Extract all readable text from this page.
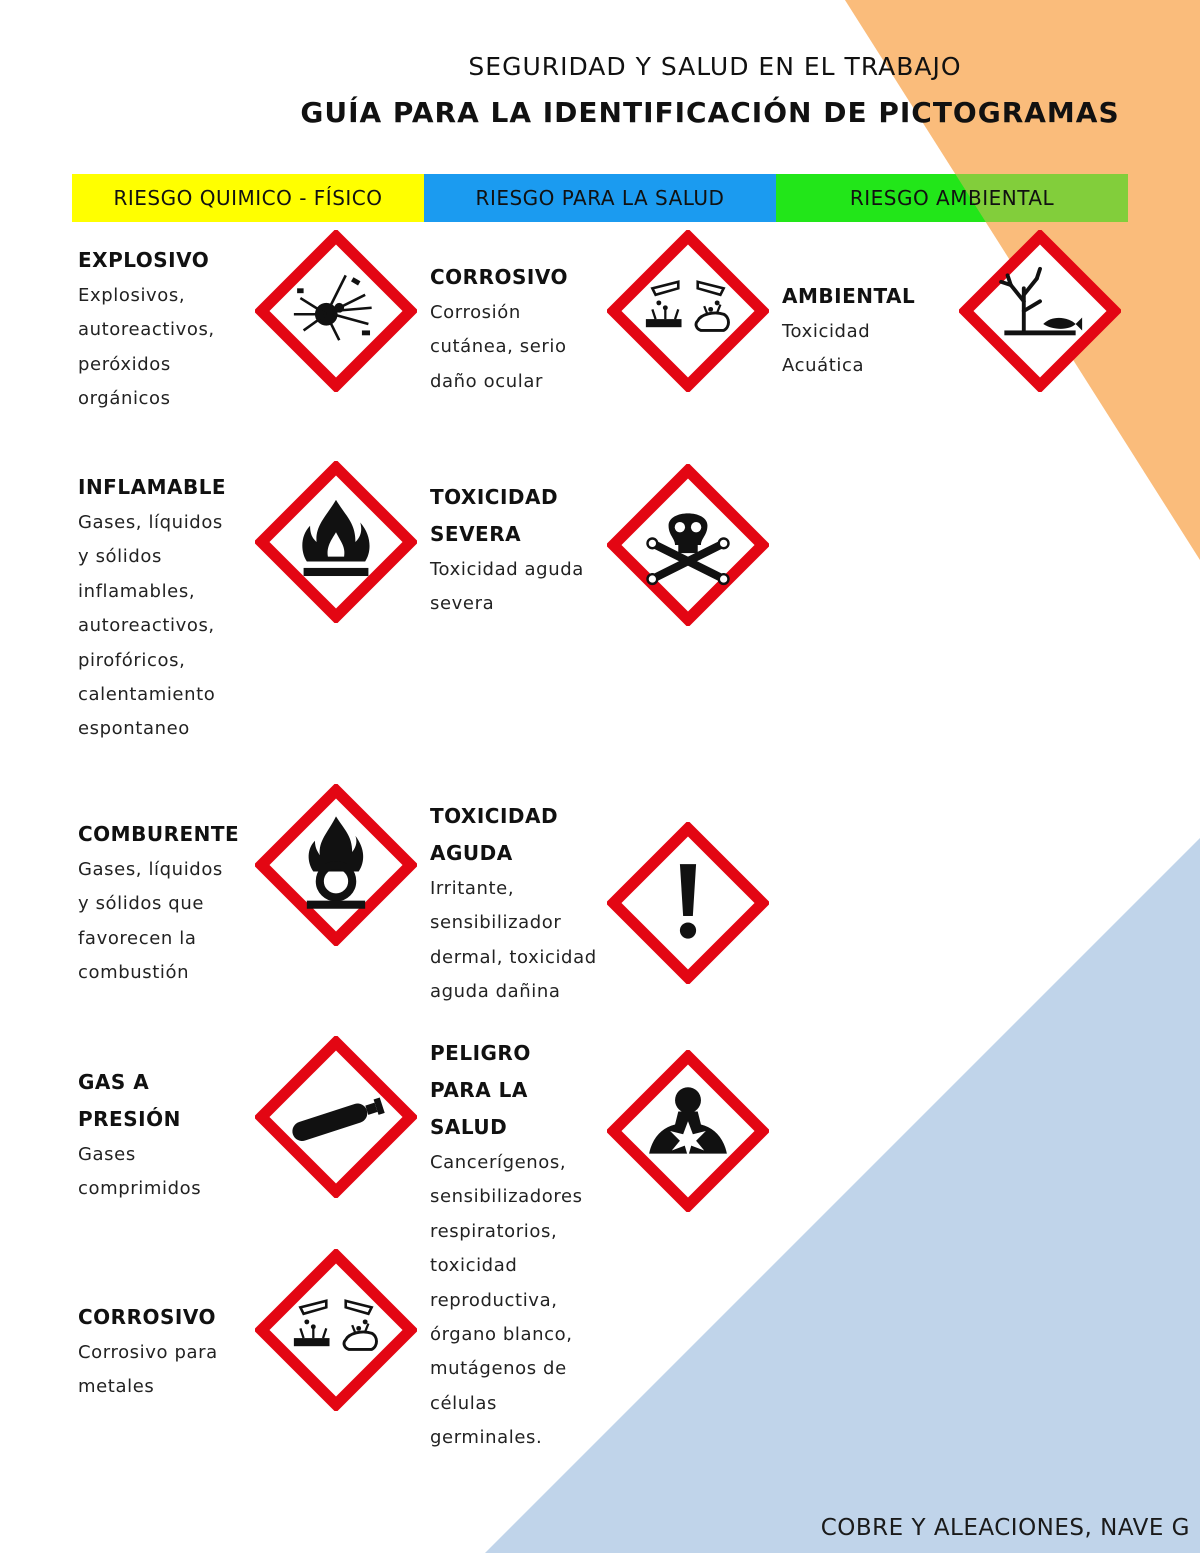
SEGURIDAD Y SALUD EN EL TRABAJO
GUÍA PARA LA IDENTIFICACIÓN DE PICTOGRAMAS
RIESGO QUIMICO - FÍSICO	RIESGO PARA LA SALUD	RIESGO AMBIENTAL
EXPLOSIVO
Explosivos,
autoreactivos,
peróxidos
orgánicos
INFLAMABLE
Gases, líquidos
y sólidos
inflamables,
autoreactivos,
pirofóricos,
calentamiento
espontaneo
COMBURENTE
Gases, líquidos
y sólidos que
favorecen la
combustión
GAS A
PRESIÓN
Gases
comprimidos
CORROSIVO
Corrosivo para
metales
CORROSIVO
Corrosión
cutánea, serio
daño ocular
TOXICIDAD
SEVERA
Toxicidad aguda
severa
TOXICIDAD
AGUDA
Irritante,
sensibilizador
dermal, toxicidad
aguda dañina
PELIGRO
PARA LA
SALUD
Cancerígenos,
sensibilizadores
respiratorios,
toxicidad
reproductiva,
órgano blanco,
mutágenos de
células
germinales.
AMBIENTAL
Toxicidad
Acuática
COBRE Y ALEACIONES, NAVE G
